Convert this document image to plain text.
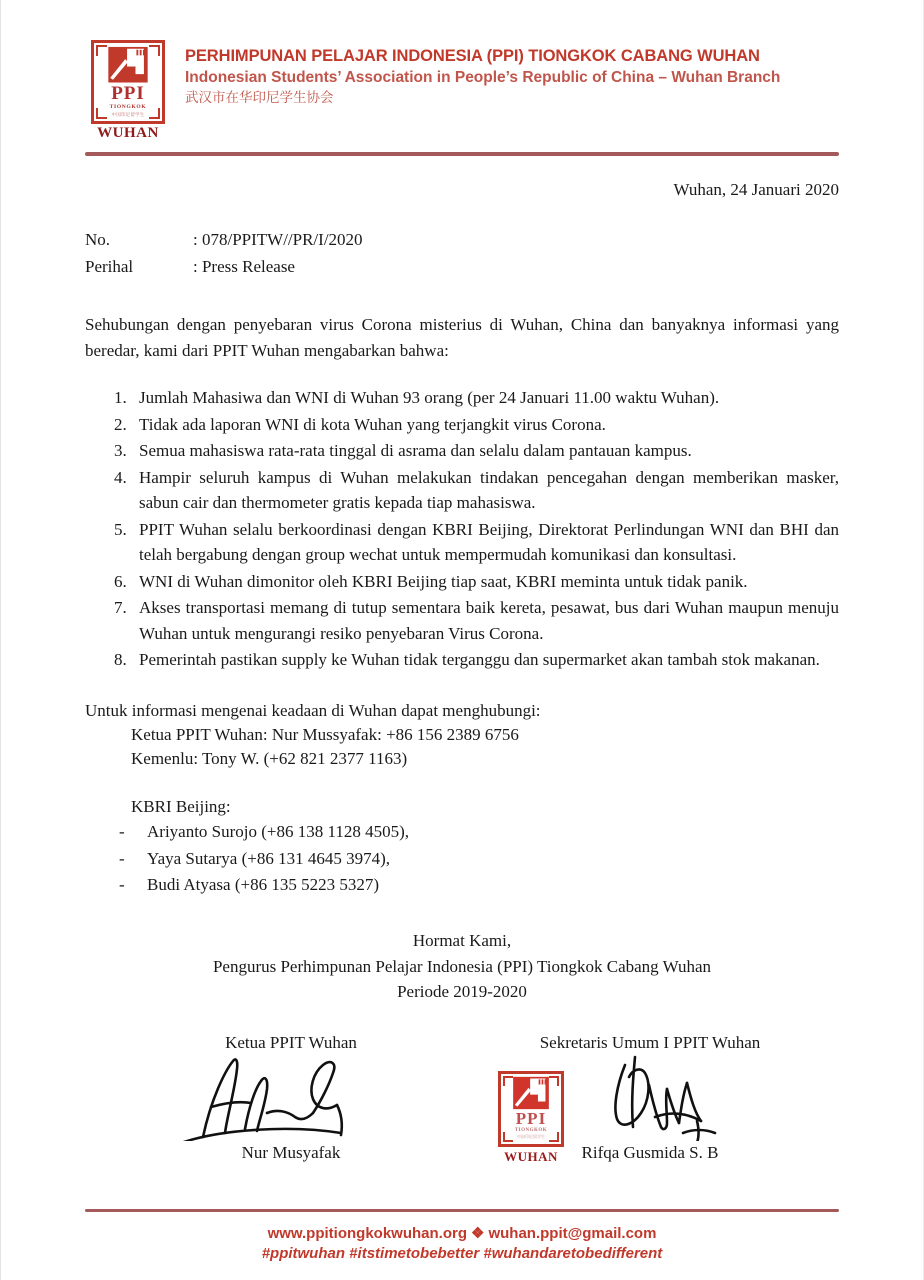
PPI
TIONGKOK
中国印尼留学生
WUHAN
PERHIMPUNAN PELAJAR INDONESIA (PPI) TIONGKOK CABANG WUHAN
Indonesian Students’ Association in People’s Republic of China – Wuhan Branch
武汉市在华印尼学生协会
Wuhan, 24 Januari 2020
No.	: 078/PPITW//PR/I/2020
Perihal	: Press Release

Sehubungan dengan penyebaran virus Corona misterius di Wuhan, China dan banyaknya informasi yang beredar, kami dari PPIT Wuhan mengabarkan bahwa:

1. Jumlah Mahasiwa dan WNI di Wuhan 93 orang (per 24 Januari 11.00 waktu Wuhan).
2. Tidak ada laporan WNI di kota Wuhan yang terjangkit virus Corona.
3. Semua mahasiswa rata-rata tinggal di asrama dan selalu dalam pantauan kampus.
4. Hampir seluruh kampus di Wuhan melakukan tindakan pencegahan dengan memberikan masker, sabun cair dan thermometer gratis kepada tiap mahasiswa.
5. PPIT Wuhan selalu berkoordinasi dengan KBRI Beijing, Direktorat Perlindungan WNI dan BHI dan telah bergabung dengan group wechat untuk mempermudah komunikasi dan konsultasi.
6. WNI di Wuhan dimonitor oleh KBRI Beijing tiap saat, KBRI meminta untuk tidak panik.
7. Akses transportasi memang di tutup sementara baik kereta, pesawat, bus dari Wuhan maupun menuju Wuhan untuk mengurangi resiko penyebaran Virus Corona.
8. Pemerintah pastikan supply ke Wuhan tidak terganggu dan supermarket akan tambah stok makanan.
Untuk informasi mengenai keadaan di Wuhan dapat menghubungi:
Ketua PPIT Wuhan: Nur Mussyafak: +86 156 2389 6756
Kemenlu: Tony W. (+62 821 2377 1163)
KBRI Beijing:
- Ariyanto Surojo (+86 138 1128 4505),
- Yaya Sutarya (+86 131 4645 3974),
- Budi Atyasa (+86 135 5223 5327)
Hormat Kami,
Pengurus Perhimpunan Pelajar Indonesia (PPI) Tiongkok Cabang Wuhan
Periode 2019-2020
Ketua PPIT Wuhan
Nur Musyafak
Sekretaris Umum I PPIT Wuhan
PPI
TIONGKOK
中国印尼留学生
WUHAN	Rifqa Gusmida S. B
www.ppitiongkokwuhan.org ❖ wuhan.ppit@gmail.com
#ppitwuhan #itstimetobebetter #wuhandaretobedifferent
